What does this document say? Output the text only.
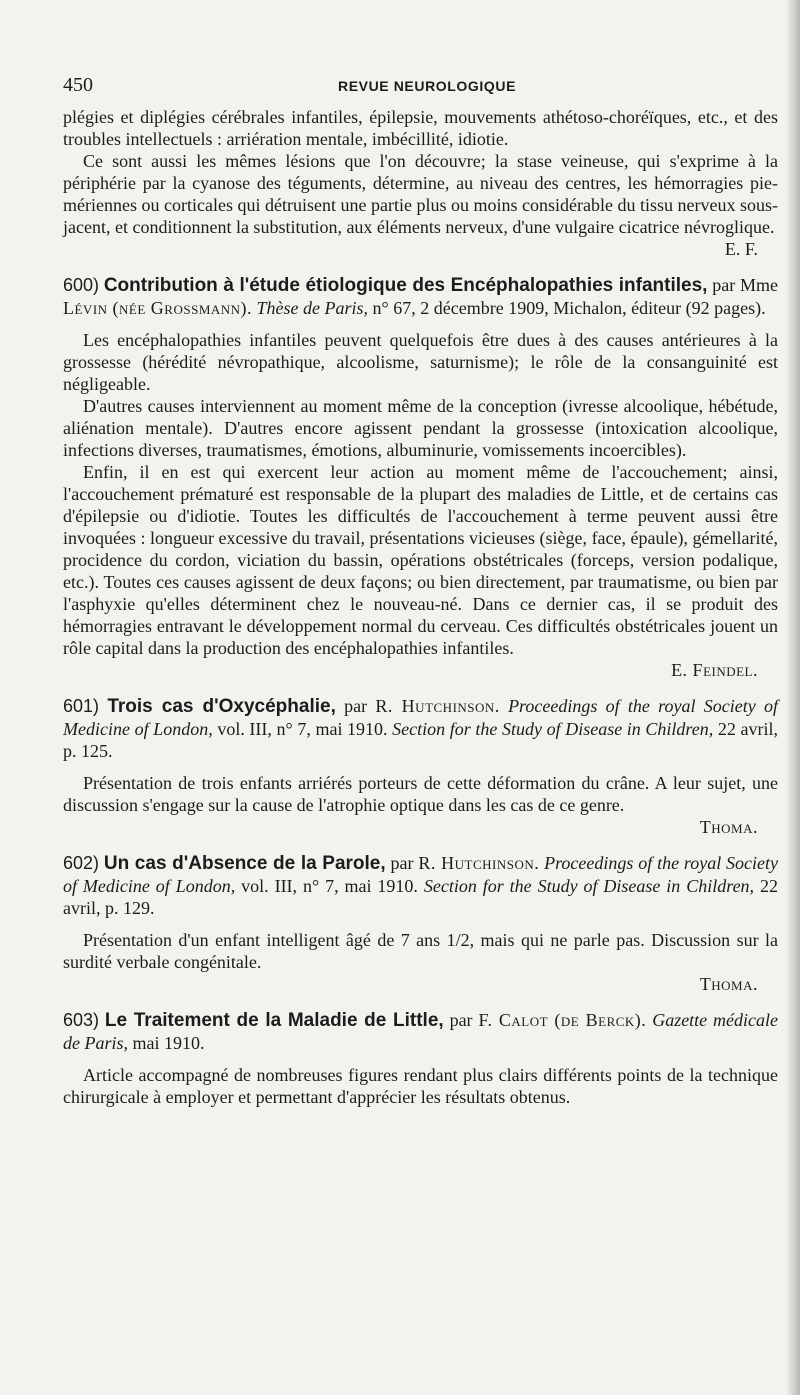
450	REVUE NEUROLOGIQUE

plégies et diplégies cérébrales infantiles, épilepsie, mouvements athétoso-choréïques, etc., et des troubles intellectuels : arriération mentale, imbécillité, idiotie.

Ce sont aussi les mêmes lésions que l'on découvre; la stase veineuse, qui s'exprime à la périphérie par la cyanose des téguments, détermine, au niveau des centres, les hémorragies pie-mériennes ou corticales qui détruisent une partie plus ou moins considérable du tissu nerveux sous-jacent, et conditionnent la substitution, aux éléments nerveux, d'une vulgaire cicatrice névroglique.

E. F.

600) Contribution à l'étude étiologique des Encéphalopathies infantiles, par Mme Lévin (née Grossmann). Thèse de Paris, n° 67, 2 décembre 1909, Michalon, éditeur (92 pages).

Les encéphalopathies infantiles peuvent quelquefois être dues à des causes antérieures à la grossesse (hérédité névropathique, alcoolisme, saturnisme); le rôle de la consanguinité est négligeable.

D'autres causes interviennent au moment même de la conception (ivresse alcoolique, hébétude, aliénation mentale). D'autres encore agissent pendant la grossesse (intoxication alcoolique, infections diverses, traumatismes, émotions, albuminurie, vomissements incoercibles).

Enfin, il en est qui exercent leur action au moment même de l'accouchement; ainsi, l'accouchement prématuré est responsable de la plupart des maladies de Little, et de certains cas d'épilepsie ou d'idiotie. Toutes les difficultés de l'accouchement à terme peuvent aussi être invoquées : longueur excessive du travail, présentations vicieuses (siège, face, épaule), gémellarité, procidence du cordon, viciation du bassin, opérations obstétricales (forceps, version podalique, etc.). Toutes ces causes agissent de deux façons; ou bien directement, par traumatisme, ou bien par l'asphyxie qu'elles déterminent chez le nouveau-né. Dans ce dernier cas, il se produit des hémorragies entravant le développement normal du cerveau. Ces difficultés obstétricales jouent un rôle capital dans la production des encéphalopathies infantiles.

E. Feindel.

601) Trois cas d'Oxycéphalie, par R. Hutchinson. Proceedings of the royal Society of Medicine of London, vol. III, n° 7, mai 1910. Section for the Study of Disease in Children, 22 avril, p. 125.

Présentation de trois enfants arriérés porteurs de cette déformation du crâne. A leur sujet, une discussion s'engage sur la cause de l'atrophie optique dans les cas de ce genre.

Thoma.

602) Un cas d'Absence de la Parole, par R. Hutchinson. Proceedings of the royal Society of Medicine of London, vol. III, n° 7, mai 1910. Section for the Study of Disease in Children, 22 avril, p. 129.

Présentation d'un enfant intelligent âgé de 7 ans 1/2, mais qui ne parle pas. Discussion sur la surdité verbale congénitale.

Thoma.

603) Le Traitement de la Maladie de Little, par F. Calot (de Berck). Gazette médicale de Paris, mai 1910.

Article accompagné de nombreuses figures rendant plus clairs différents points de la technique chirurgicale à employer et permettant d'apprécier les résultats obtenus.
